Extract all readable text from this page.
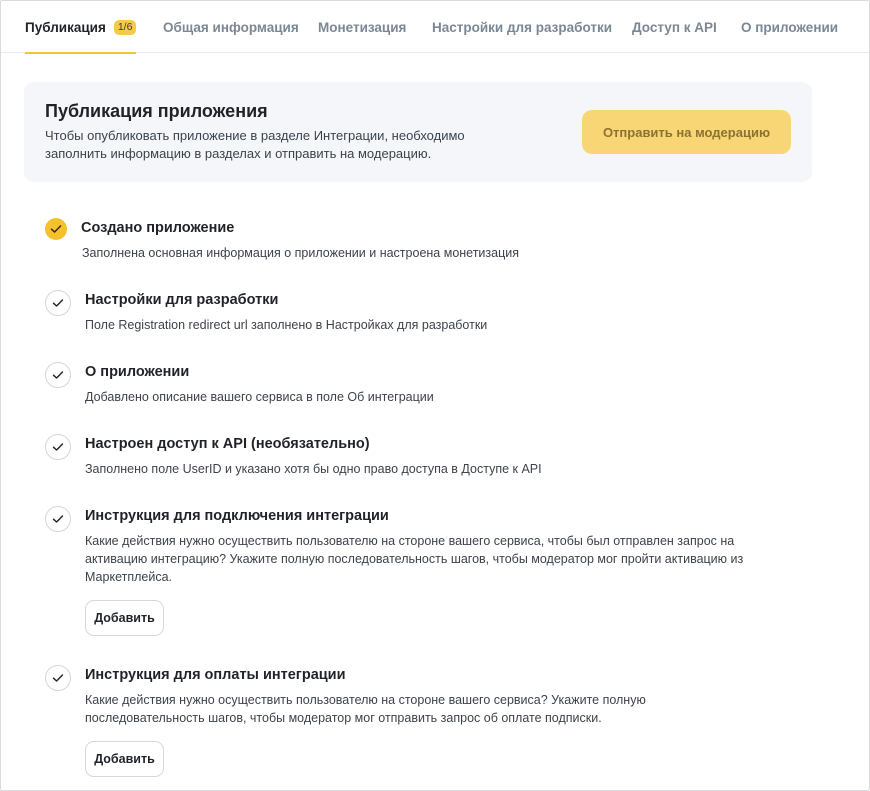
Публикация	1/6 Общая информация Монетизация Настройки для разработки Доступ к API О приложении
Публикация приложения

Чтобы опубликовать приложение в разделе Интеграции, необходимо заполнить информацию в разделах и отправить на модерацию.

Отправить на модерацию
Создано приложение
Заполнена основная информация о приложении и настроена монетизация
Настройки для разработки
Поле Registration redirect url заполнено в Настройках для разработки
О приложении
Добавлено описание вашего сервиса в поле Об интеграции
Настроен доступ к API (необязательно)
Заполнено поле UserID и указано хотя бы одно право доступа в Доступе к API
Инструкция для подключения интеграции
Какие действия нужно осуществить пользователю на стороне вашего сервиса, чтобы был отправлен запрос на активацию интеграцию? Укажите полную последовательность шагов, чтобы модератор мог пройти активацию из Маркетплейса.
Добавить
Инструкция для оплаты интеграции
Какие действия нужно осуществить пользователю на стороне вашего сервиса? Укажите полную последовательность шагов, чтобы модератор мог отправить запрос об оплате подписки.
Добавить
